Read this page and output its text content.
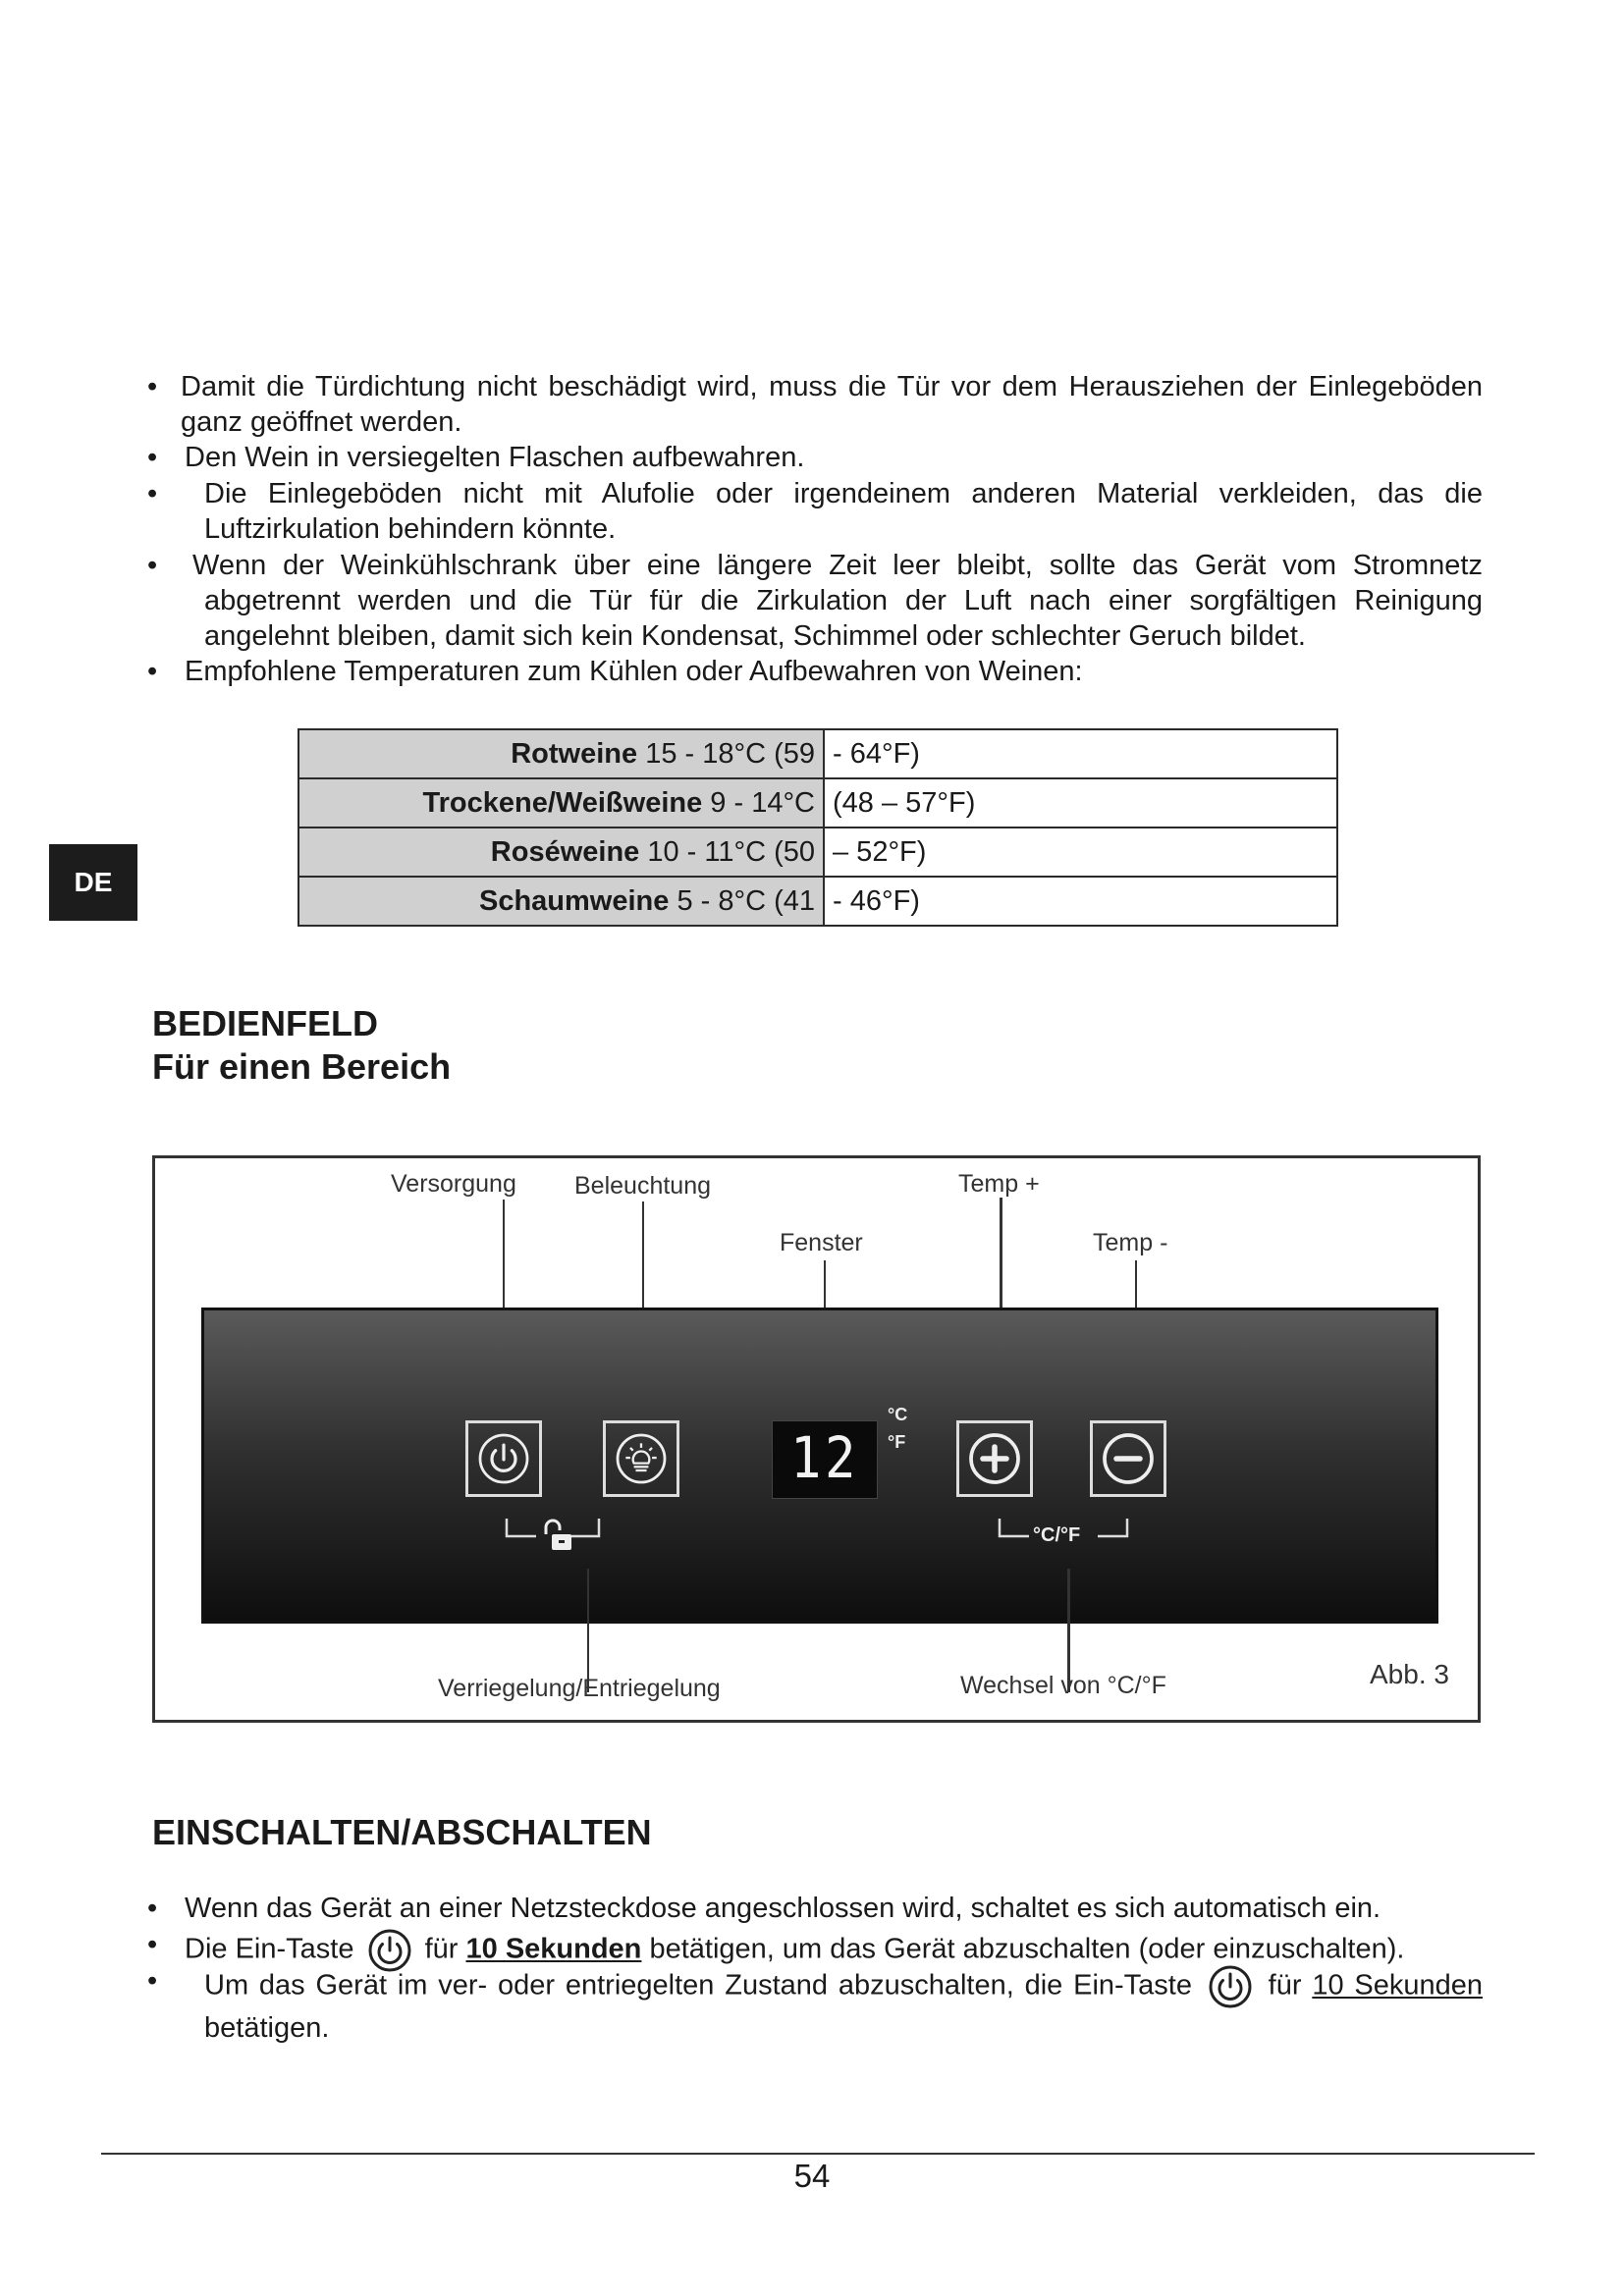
• Damit die Türdichtung nicht beschädigt wird, muss die Tür vor dem Herausziehen der Einlegeböden ganz geöffnet werden.
• Den Wein in versiegelten Flaschen aufbewahren.
•	Die Einlegeböden nicht mit Alufolie oder irgendeinem anderen Material verkleiden, das die Luftzirkulation behindern könnte.
•	Wenn der Weinkühlschrank über eine längere Zeit leer bleibt, sollte das Gerät vom Stromnetz abgetrennt werden und die Tür für die Zirkulation der Luft nach einer sorgfältigen Reinigung angelehnt bleiben, damit sich kein Kondensat, Schimmel oder schlechter Geruch bildet.
• Empfohlene Temperaturen zum Kühlen oder Aufbewahren von Weinen:
Rotweine 15 - 18°C (59	- 64°F)
Trockene/Weißweine 9 - 14°C	(48 – 57°F)
Roséweine 10 - 11°C (50	– 52°F)
Schaumweine 5 - 8°C (41	- 46°F)
DE
BEDIENFELD
Für einen Bereich
Versorgung Beleuchtung	Temp +
Fenster	Temp -
12
°C
°F
°C/°F
Verriegelung/Entriegelung	Wechsel von °C/°F	Abb. 3
EINSCHALTEN/ABSCHALTEN
• Wenn das Gerät an einer Netzsteckdose angeschlossen wird, schaltet es sich automatisch ein.
• Die Ein-Taste für 10 Sekunden betätigen, um das Gerät abzuschalten (oder einzuschalten).
•	Um das Gerät im ver- oder entriegelten Zustand abzuschalten, die Ein-Taste	für 10 Sekunden betätigen.
54
